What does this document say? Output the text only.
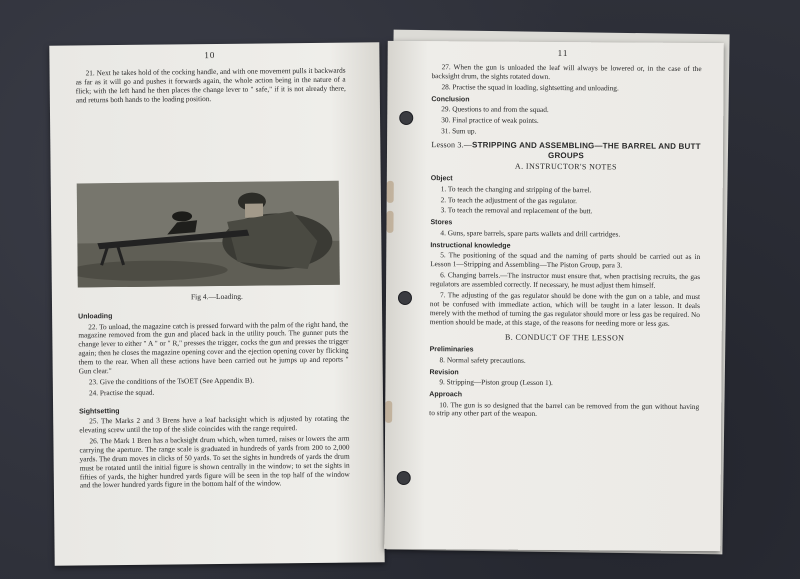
10

21. Next he takes hold of the cocking handle, and with one movement pulls it backwards as far as it will go and pushes it forwards again, the whole action being in the nature of a flick; with the left hand he then places the change lever to " safe," if it is not already there, and returns both hands to the loading position.

Fig 4.—Loading.
Unloading

22. To unload, the magazine catch is pressed forward with the palm of the right hand, the magazine removed from the gun and placed back in the utility pouch. The gunner puts the change lever to either " A " or " R," presses the trigger, cocks the gun and presses the trigger again; then he closes the magazine opening cover and the ejection opening cover by flicking them to the rear. When all these actions have been carried out he jumps up and reports " Gun clear."

23. Give the conditions of the TsOET (See Appendix B).

24. Practise the squad.

Sightsetting

25. The Marks 2 and 3 Brens have a leaf backsight which is adjusted by rotating the elevating screw until the top of the slide coincides with the range required.

26. The Mark 1 Bren has a backsight drum which, when turned, raises or lowers the arm carrying the aperture. The range scale is graduated in hundreds of yards from 200 to 2,000 yards. The drum moves in clicks of 50 yards. To set the sights in hundreds of yards the drum must be rotated until the initial figure is shown centrally in the window; to set the sights in fifties of yards, the higher hundred yards figure will be seen in the top half of the window and the lower hundred yards figure in the bottom half of the window.

11

27. When the gun is unloaded the leaf will always be lowered or, in the case of the backsight drum, the sights rotated down.

28. Practise the squad in loading, sightsetting and unloading.

Conclusion

29. Questions to and from the squad.

30. Final practice of weak points.

31. Sum up.

Lesson 3.—STRIPPING AND ASSEMBLING—THE BARREL AND BUTT GROUPS
A. INSTRUCTOR'S NOTES
Object

1. To teach the changing and stripping of the barrel.

2. To teach the adjustment of the gas regulator.

3. To teach the removal and replacement of the butt.

Stores

4. Guns, spare barrels, spare parts wallets and drill cartridges.

Instructional knowledge

5. The positioning of the squad and the naming of parts should be carried out as in Lesson 1—Stripping and Assembling—The Piston Group, para 3.

6. Changing barrels.—The instructor must ensure that, when practising recruits, the gas regulators are assembled correctly. If necessary, he must adjust them himself.

7. The adjusting of the gas regulator should be done with the gun on a table, and must not be confused with immediate action, which will be taught in a later lesson. It deals merely with the method of turning the gas regulator should more or less gas be required. No mention should be made, at this stage, of the reasons for needing more or less gas.

B. CONDUCT OF THE LESSON
Preliminaries

8. Normal safety precautions.

Revision

9. Stripping—Piston group (Lesson 1).

Approach

10. The gun is so designed that the barrel can be removed from the gun without having to strip any other part of the weapon.
